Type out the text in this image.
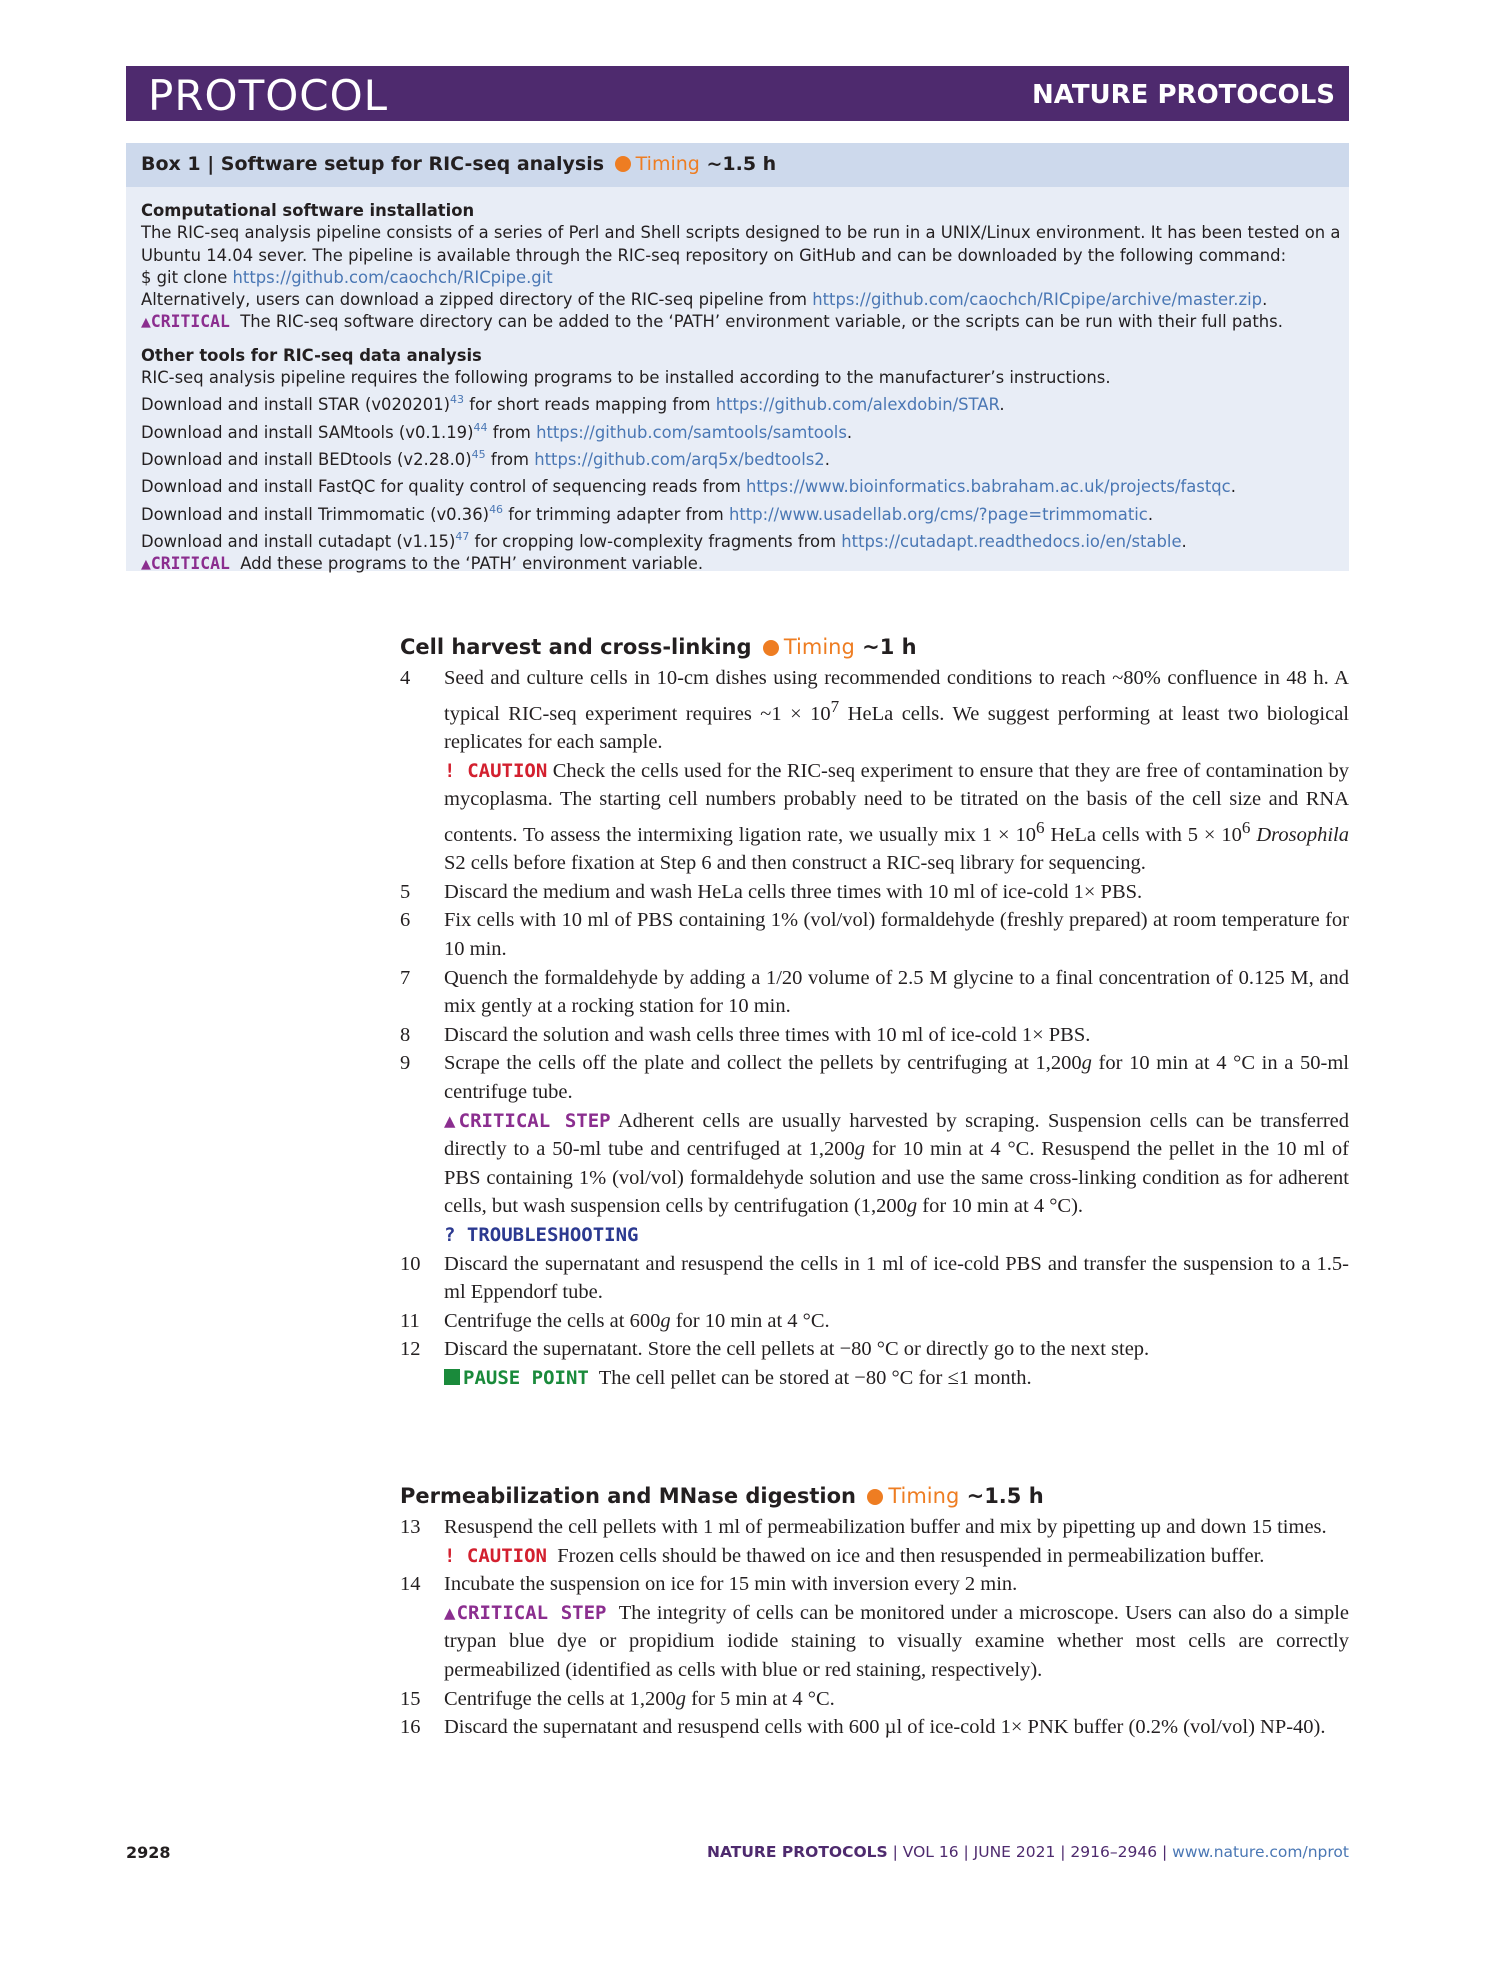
PROTOCOL	NATURE PROTOCOLS
Box 1 | Software setup for RIC-seq analysis Timing ~1.5 h
Computational software installation
The RIC-seq analysis pipeline consists of a series of Perl and Shell scripts designed to be run in a UNIX/Linux environment. It has been tested on a
Ubuntu 14.04 sever. The pipeline is available through the RIC-seq repository on GitHub and can be downloaded by the following command:
$ git clone https://github.com/caochch/RICpipe.git
Alternatively, users can download a zipped directory of the RIC-seq pipeline from https://github.com/caochch/RICpipe/archive/master.zip.
▲CRITICAL The RIC-seq software directory can be added to the ‘PATH’ environment variable, or the scripts can be run with their full paths.
Other tools for RIC-seq data analysis
RIC-seq analysis pipeline requires the following programs to be installed according to the manufacturer’s instructions.
Download and install STAR $(v020201)^{43}$ for short reads mapping from https://github.com/alexdobin/STAR.
Download and install SAMtools $(v0.1.19)^{44}$ from https://github.com/samtools/samtools.
Download and install BEDtools $(v2.28.0)^{45}$ from https://github.com/arq5x/bedtools2.
Download and install FastQC for quality control of sequencing reads from https://www.bioinformatics.babraham.ac.uk/projects/fastqc.
Download and install Trimmomatic $(v0.36)^{46}$ for trimming adapter from http://www.usadellab.org/cms/?page=trimmomatic.
Download and install cutadapt $(v1.15)^{47}$ for cropping low-complexity fragments from https://cutadapt.readthedocs.io/en/stable.
▲CRITICAL Add these programs to the ‘PATH’ environment variable.
Cell harvest and cross-linking Timing ~1 h
4 Seed and culture cells in 10-cm dishes using recommended conditions to reach ~80% confluence in 48 h. A typical RIC-seq experiment requires ~1 × $10^7$ HeLa cells. We suggest performing at least two biological replicates for each sample.
! CAUTION Check the cells used for the RIC-seq experiment to ensure that they are free of contamination by mycoplasma. The starting cell numbers probably need to be titrated on the basis of the cell size and RNA contents. To assess the intermixing ligation rate, we usually mix $1 \times 10^6$ HeLa cells with $5 \times 10^6$ Drosophila S2 cells before fixation at Step 6 and then construct a RIC-seq library for sequencing.
5 Discard the medium and wash HeLa cells three times with 10 ml of ice-cold 1× PBS.
6 Fix cells with 10 ml of PBS containing 1% (vol/vol) formaldehyde (freshly prepared) at room temperature for 10 min.
7 Quench the formaldehyde by adding a 1/20 volume of 2.5 M glycine to a final concentration of 0.125 M, and mix gently at a rocking station for 10 min.
8 Discard the solution and wash cells three times with 10 ml of ice-cold 1× PBS.
9 Scrape the cells off the plate and collect the pellets by centrifuging at 1,200g for 10 min at 4 °C in a 50-ml centrifuge tube.
▲CRITICAL STEP Adherent cells are usually harvested by scraping. Suspension cells can be transferred directly to a 50-ml tube and centrifuged at 1,200g for 10 min at 4 °C. Resuspend the pellet in the 10 ml of PBS containing 1% (vol/vol) formaldehyde solution and use the same cross-linking condition as for adherent cells, but wash suspension cells by centrifugation (1,200g for 10 min at 4 °C).
? TROUBLESHOOTING
10 Discard the supernatant and resuspend the cells in 1 ml of ice-cold PBS and transfer the suspension to a 1.5-ml Eppendorf tube.
11 Centrifuge the cells at 600g for 10 min at 4 °C.
12 Discard the supernatant. Store the cell pellets at −80 °C or directly go to the next step.
PAUSE POINT The cell pellet can be stored at −80 °C for ≤1 month.
Permeabilization and MNase digestion Timing ~1.5 h
13 Resuspend the cell pellets with 1 ml of permeabilization buffer and mix by pipetting up and down 15 times.
! CAUTION Frozen cells should be thawed on ice and then resuspended in permeabilization buffer.
14 Incubate the suspension on ice for 15 min with inversion every 2 min.
▲CRITICAL STEP The integrity of cells can be monitored under a microscope. Users can also do a simple trypan blue dye or propidium iodide staining to visually examine whether most cells are correctly permeabilized (identified as cells with blue or red staining, respectively).
15 Centrifuge the cells at 1,200g for 5 min at 4 °C.
16 Discard the supernatant and resuspend cells with 600 µl of ice-cold 1× PNK buffer (0.2% (vol/vol) NP-40).
2928	NATURE PROTOCOLS | VOL 16 | JUNE 2021 | 2916–2946 | www.nature.com/nprot
